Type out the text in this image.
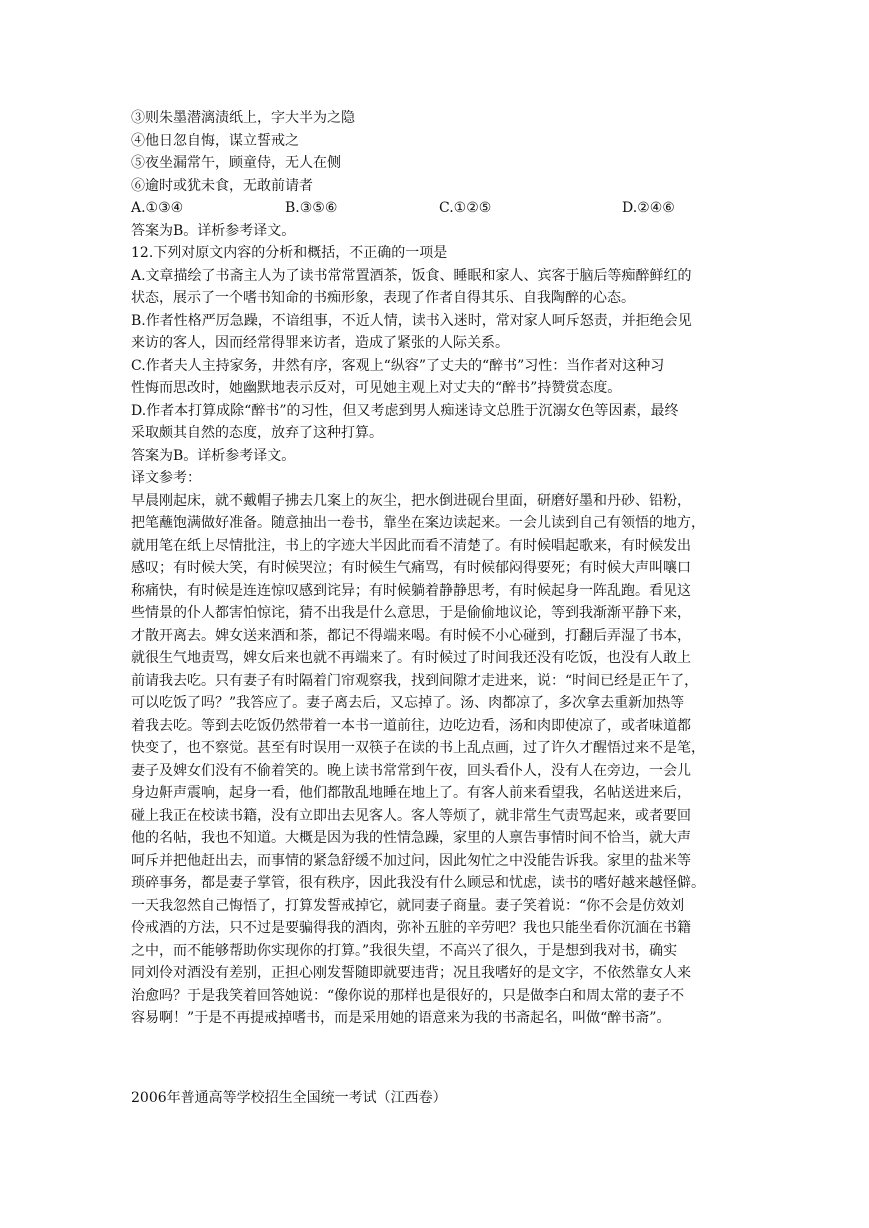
③则朱墨潜漓渍纸上，字大半为之隐
④他日忽自悔，谋立誓戒之
⑤夜坐漏常午，顾童侍，无人在侧
⑥逾时或犹未食，无敢前请者
A.①③④	B.③⑤⑥	C.①②⑤	D.②④⑥
答案为B。详析参考译文。
12.下列对原文内容的分析和概括，不正确的一项是
A.文章描绘了书斋主人为了读书常常置酒茶，饭食、睡眠和家人、宾客于脑后等痴醉鲜红的
状态，展示了一个嗜书知命的书痴形象，表现了作者自得其乐、自我陶醉的心态。
B.作者性格严厉急躁，不谙组事，不近人情，读书入迷时，常对家人呵斥怒责，并拒绝会见
来访的客人，因而经常得罪来访者，造成了紧张的人际关系。
C.作者夫人主持家务，井然有序，客观上“纵容”了丈夫的“醉书”习性：当作者对这种习
性悔而思改时，她幽默地表示反对，可见她主观上对丈夫的“醉书”持赞赏态度。
D.作者本打算成除“醉书”的习性，但又考虑到男人痴迷诗文总胜于沉溺女色等因素，最终
采取颇其自然的态度，放弃了这种打算。
答案为B。详析参考译文。
译文参考：
早晨刚起床，就不戴帽子拂去几案上的灰尘，把水倒进砚台里面，研磨好墨和丹砂、铅粉，
把笔蘸饱满做好准备。随意抽出一卷书，靠坐在案边读起来。一会儿读到自己有领悟的地方，
就用笔在纸上尽情批注，书上的字迹大半因此而看不清楚了。有时候唱起歌来，有时候发出
感叹；有时候大笑，有时候哭泣；有时候生气痛骂，有时候郁闷得要死；有时候大声叫嚷口
称痛快，有时候是连连惊叹感到诧异；有时候躺着静静思考，有时候起身一阵乱跑。看见这
些情景的仆人都害怕惊诧，猜不出我是什么意思，于是偷偷地议论，等到我渐渐平静下来，
才散开离去。婢女送来酒和茶，都记不得端来喝。有时候不小心碰到，打翻后弄湿了书本，
就很生气地责骂，婢女后来也就不再端来了。有时候过了时间我还没有吃饭，也没有人敢上
前请我去吃。只有妻子有时隔着门帘观察我，找到间隙才走进来，说：“时间已经是正午了，
可以吃饭了吗？”我答应了。妻子离去后，又忘掉了。汤、肉都凉了，多次拿去重新加热等
着我去吃。等到去吃饭仍然带着一本书一道前往，边吃边看，汤和肉即使凉了，或者味道都
快变了，也不察觉。甚至有时误用一双筷子在读的书上乱点画，过了许久才醒悟过来不是笔，
妻子及婢女们没有不偷着笑的。晚上读书常常到午夜，回头看仆人，没有人在旁边，一会儿
身边鼾声震响，起身一看，他们都散乱地睡在地上了。有客人前来看望我，名帖送进来后，
碰上我正在校读书籍，没有立即出去见客人。客人等烦了，就非常生气责骂起来，或者要回
他的名帖，我也不知道。大概是因为我的性情急躁，家里的人禀告事情时间不恰当，就大声
呵斥并把他赶出去，而事情的紧急舒缓不加过问，因此匆忙之中没能告诉我。家里的盐米等
琐碎事务，都是妻子掌管，很有秩序，因此我没有什么顾忌和忧虑，读书的嗜好越来越怪僻。
一天我忽然自己悔悟了，打算发誓戒掉它，就同妻子商量。妻子笑着说：“你不会是仿效刘
伶戒酒的方法，只不过是要骗得我的酒肉，弥补五脏的辛劳吧？我也只能坐看你沉湎在书籍
之中，而不能够帮助你实现你的打算。”我很失望，不高兴了很久，于是想到我对书，确实
同刘伶对酒没有差别，正担心刚发誓随即就要违背；况且我嗜好的是文字，不依然靠女人来
治愈吗？于是我笑着回答她说：“像你说的那样也是很好的，只是做李白和周太常的妻子不
容易啊！”于是不再提戒掉嗜书，而是采用她的语意来为我的书斋起名，叫做“醉书斋”。
2006年普通高等学校招生全国统一考试（江西卷）
